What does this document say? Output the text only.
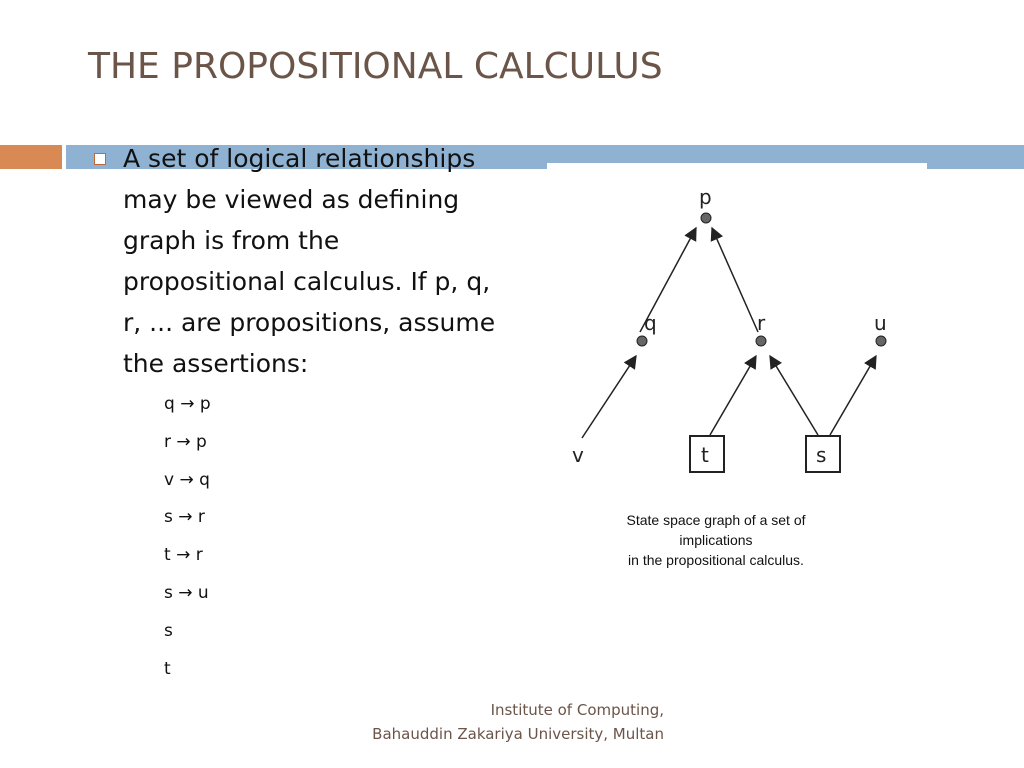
THE PROPOSITIONAL CALCULUS
A set of logical relationships
may be viewed as defining
graph is from the
propositional calculus. If p, q,
r, ... are propositions, assume
the assertions:
q → p
r → p
v → q
s → r
t → r
s → u
s
t
p
q	r	u
v	t	s
State space graph of a set of implications
in the propositional calculus.
Institute of Computing,
Bahauddin Zakariya University, Multan
